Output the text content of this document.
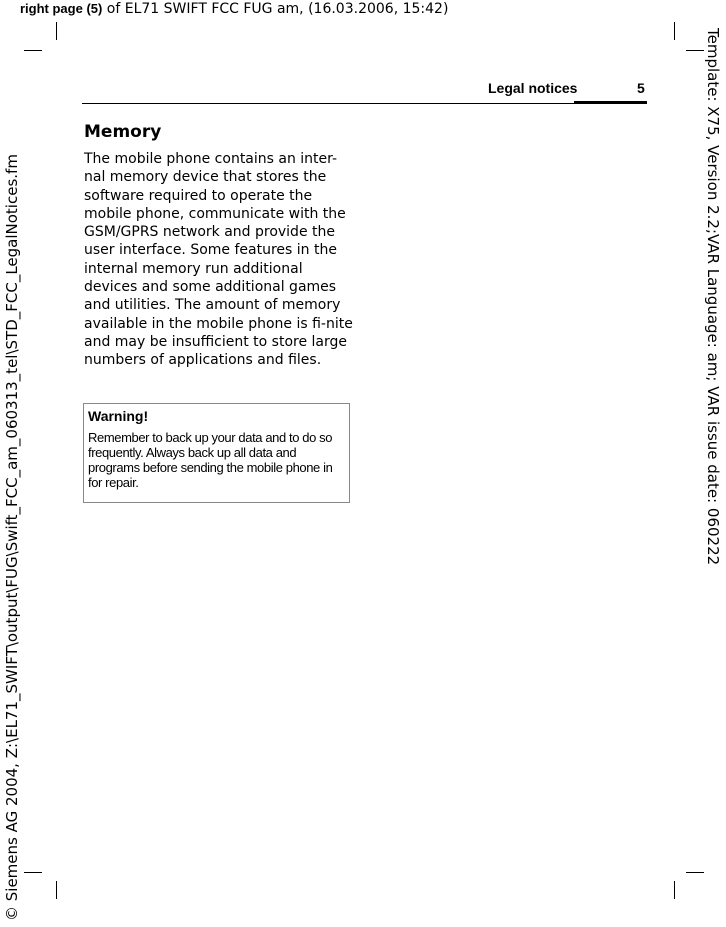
right page (5) of EL71 SWIFT FCC FUG am, (16.03.2006, 15:42)
Legal notices	5
Memory
The mobile phone contains an inter-nal memory device that stores the software required to operate the mobile phone, communicate with the GSM/GPRS network and provide the user interface. Some features in the internal memory run additional devices and some additional games and utilities. The amount of memory available in the mobile phone is fi-nite and may be insufficient to store large numbers of applications and files.
Warning!
Remember to back up your data and to do so frequently. Always back up all data and programs before sending the mobile phone in for repair.
© Siemens AG 2004, Z:\EL71_SWIFT\output\FUG\Swift_FCC_am_060313_tel\STD_FCC_LegalNotices.fm	Template: X75, Version 2.2;VAR Language: am; VAR issue date: 060222
